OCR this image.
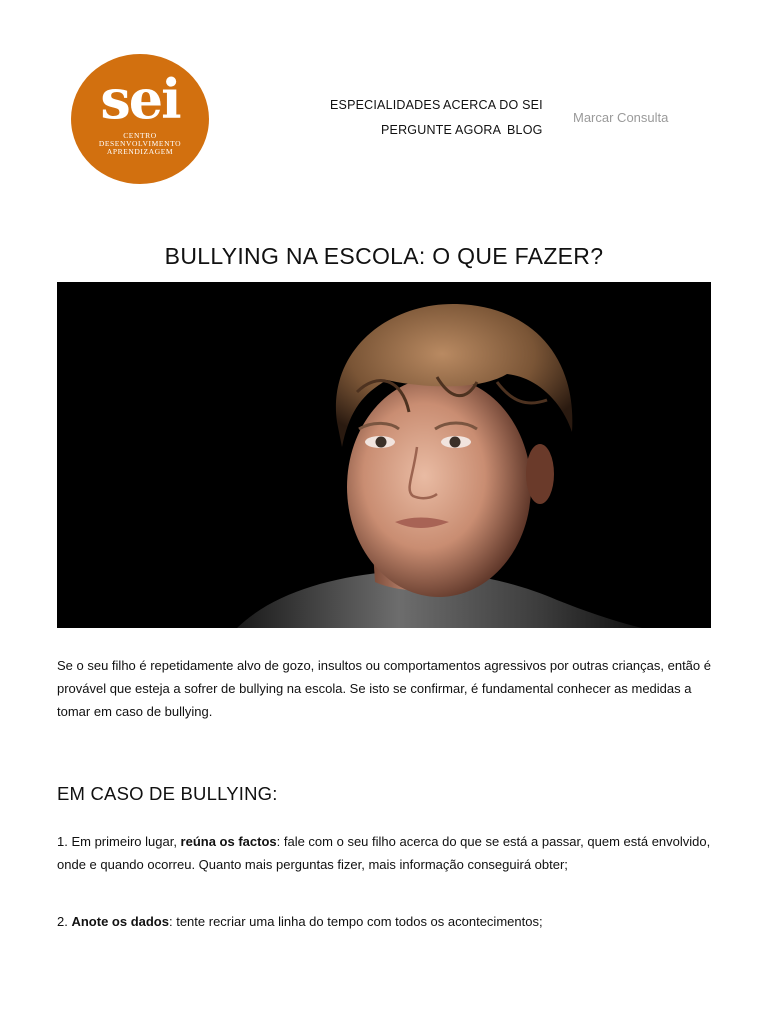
sei
CENTRO
DESENVOLVIMENTO
APRENDIZAGEM
ESPECIALIDADES ACERCA DO SEI
PERGUNTE AGORA BLOG
Marcar Consulta
BULLYING NA ESCOLA: O QUE FAZER?

Se o seu filho é repetidamente alvo de gozo, insultos ou comportamentos agressivos por outras crianças, então é provável que esteja a sofrer de bullying na escola. Se isto se confirmar, é fundamental conhecer as medidas a tomar em caso de bullying.

EM CASO DE BULLYING:

1. Em primeiro lugar, reúna os factos: fale com o seu filho acerca do que se está a passar, quem está envolvido, onde e quando ocorreu. Quanto mais perguntas fizer, mais informação conseguirá obter;

2. Anote os dados: tente recriar uma linha do tempo com todos os acontecimentos;
